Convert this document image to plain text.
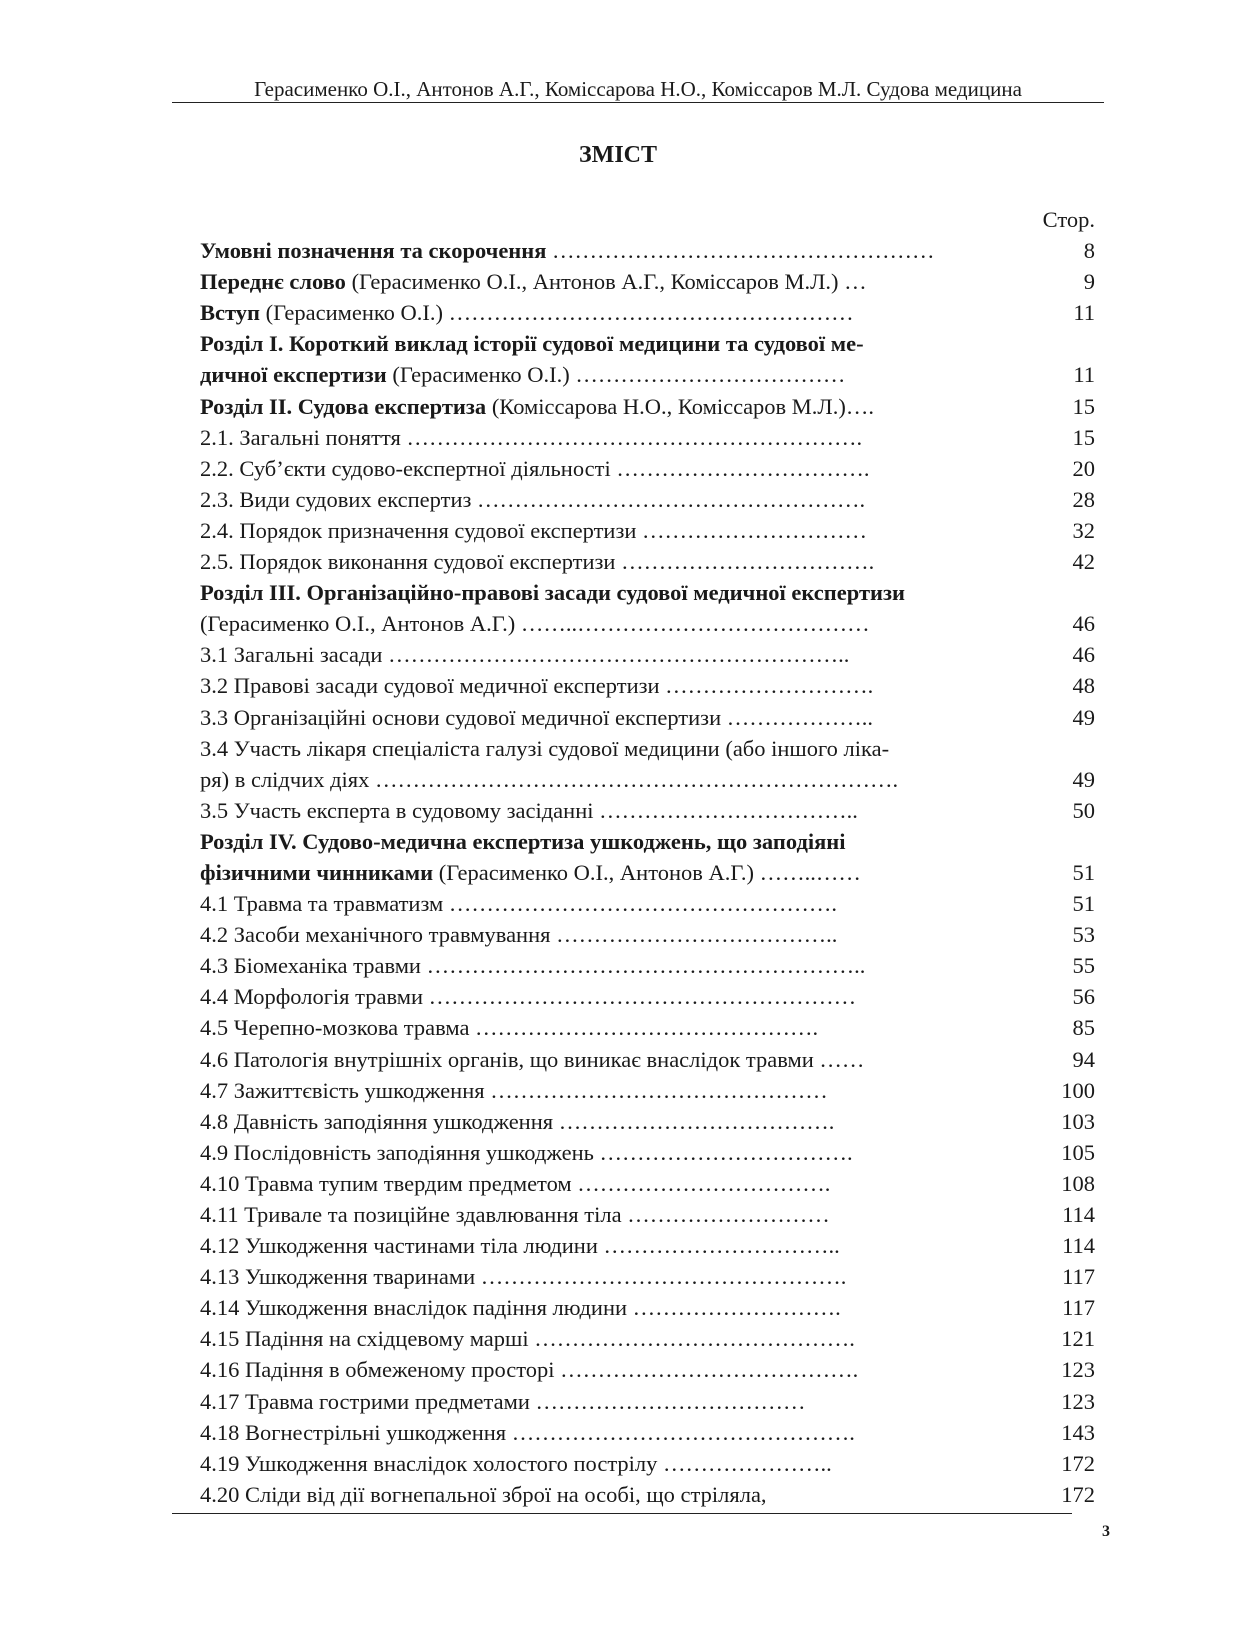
Герасименко О.І., Антонов А.Г., Комісcарова Н.О., Комісcаров М.Л. Судова медицина
ЗМІСТ
Стор.
Умовні позначення та скорочення ……………………………………………	8
Переднє слово (Герасименко О.І., Антонов А.Г., Комісcаров М.Л.) …	9
Вступ (Герасименко О.І.) ………………………………………………	11
Розділ І. Короткий виклад історії судової медицини та судової ме-
дичної експертизи (Герасименко О.І.) ………………………………	11
Розділ ІІ. Судова експертиза (Комісcарова Н.О., Комісcаров М.Л.)….	15
2.1. Загальні поняття …………………………………………………….	15
2.2. Суб’єкти судово-експертної діяльності …………………………….	20
2.3. Види судових експертиз …………………………………………….	28
2.4. Порядок призначення судової експертизи …………………………	32
2.5. Порядок виконання судової експертизи …………………………….	42
Розділ ІІІ. Організаційно-правові засади судової медичної експертизи
(Герасименко О.І., Антонов А.Г.) ……..…………………………………	46
3.1 Загальні засади ……………………………………………………..	46
3.2 Правові засади судової медичної експертизи ……………………….	48
3.3 Організаційні основи судової медичної експертизи ………………..	49
3.4 Участь лікаря спеціаліста галузі судової медицини (або іншого ліка-
ря) в слідчих діях …………………………………………………………….	49
3.5 Участь експерта в судовому засіданні ……………………………..	50
Розділ IV. Судово-медична експертиза ушкоджень, що заподіяні
фізичними чинниками (Герасименко О.І., Антонов А.Г.) ……..……	51
4.1 Травма та травматизм …………………………………………….	51
4.2 Засоби механічного травмування ………………………………..	53
4.3 Біомеханіка травми …………………………………………………..	55
4.4 Морфологія травми …………………………………………………	56
4.5 Черепно-мозкова травма ……………………………………….	85
4.6 Патологія внутрішніх органів, що виникає внаслідок травми ……	94
4.7 Зажиттєвість ушкодження ………………………………………	100
4.8 Давність заподіяння ушкодження ……………………………….	103
4.9 Послідовність заподіяння ушкоджень …………………………….	105
4.10 Травма тупим твердим предметом …………………………….	108
4.11 Тривале та позиційне здавлювання тіла ………………………	114
4.12 Ушкодження частинами тіла людини …………………………..	114
4.13 Ушкодження тваринами ………………………………………….	117
4.14 Ушкодження внаслідок падіння людини ……………………….	117
4.15 Падіння на східцевому марші …………………………………….	121
4.16 Падіння в обмеженому просторі ………………………………….	123
4.17 Травма гострими предметами ………………………………	123
4.18 Вогнестрільні ушкодження ……………………………………….	143
4.19 Ушкодження внаслідок холостого пострілу …………………..	172
4.20 Сліди від дії вогнепальної зброї на особі, що стріляла,	172
3
